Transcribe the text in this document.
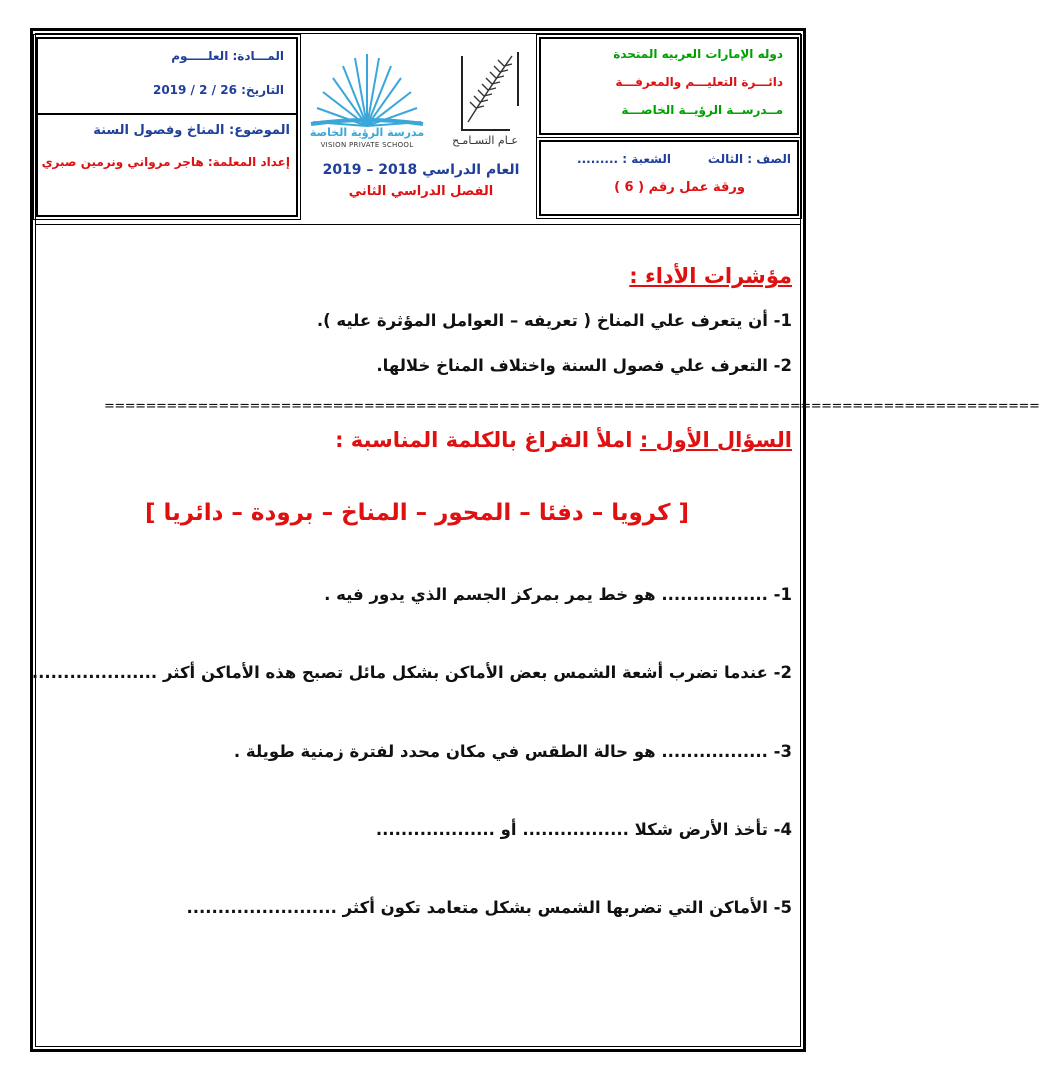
دوله الإمارات العربيه المتحدة
دائـــرة التعليـــم والمعرفـــة
مــدرســة الرؤيــة الخاصـــة
الصف : الثالث
الشعبة : .........
ورقة عمل رقم ( 6 )
المـــادة: العلـــــوم
التاريخ: 26 / 2 / 2019
الموضوع: المناخ وفصول السنة
إعداد المعلمة: هاجر مرواني ونرمين صبري
مدرسة الرؤية الخاصة
VISION PRIVATE SCHOOL	عـام التسـامـح
العام الدراسي 2018 – 2019
الفصل الدراسي الثاني
مؤشرات الأداء :
1- أن يتعرف علي المناخ ( تعريفه – العوامل المؤثرة عليه ).
2- التعرف علي فصول السنة واختلاف المناخ خلالها.
==========================================================================================
السؤال الأول : املأ الفراغ بالكلمة المناسبة :
[ كرويا – دفئا – المحور – المناخ – برودة – دائريا ]
1- ................. هو خط يمر بمركز الجسم الذي يدور فيه .
2- عندما تضرب أشعة الشمس بعض الأماكن بشكل مائل تصبح هذه الأماكن أكثر ....................
3- ................. هو حالة الطقس في مكان محدد لفترة زمنية طويلة .
4- تأخذ الأرض شكلا ................. أو ...................
5- الأماكن التي تضربها الشمس بشكل متعامد تكون أكثر ........................
